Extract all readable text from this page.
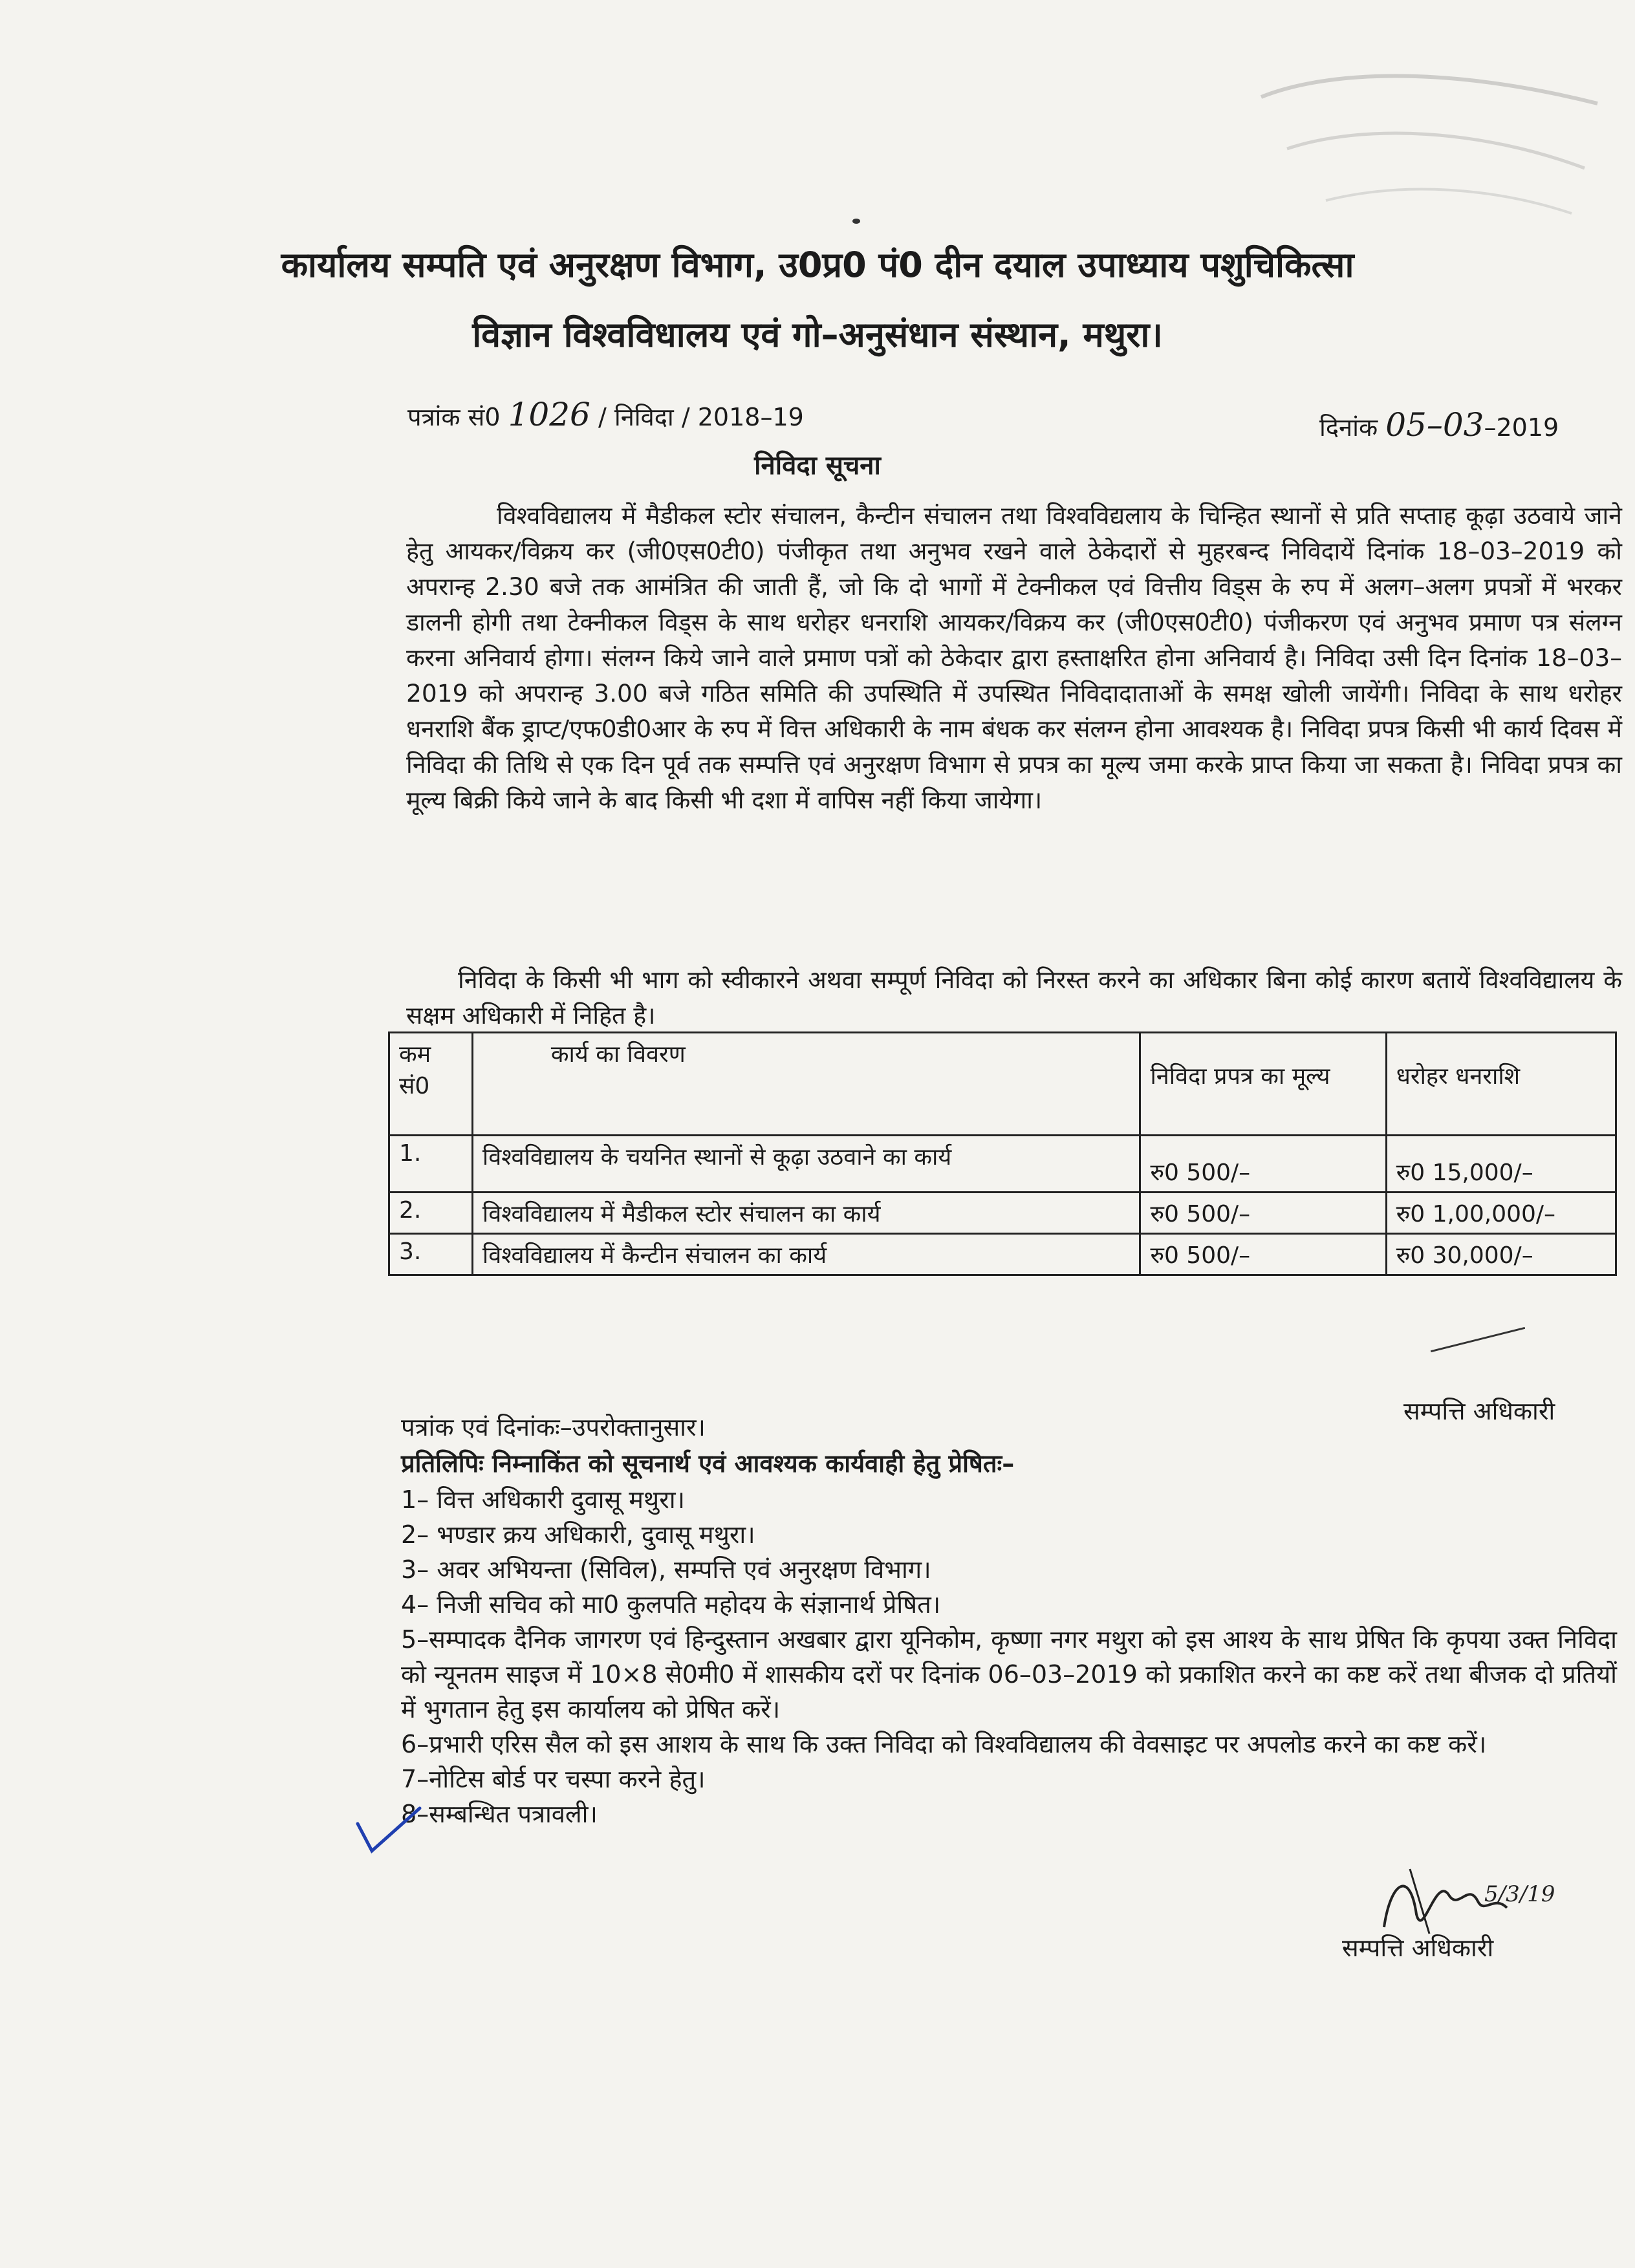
कार्यालय सम्पति एवं अनुरक्षण विभाग, उ0प्र0 पं0 दीन दयाल उपाध्याय पशुचिकित्सा
विज्ञान विश्वविधालय एवं गो–अनुसंधान संस्थान, मथुरा।
पत्रांक सं0 1026 / निविदा / 2018–19	दिनांक 05–03–2019
निविदा सूचना
विश्वविद्यालय में मैडीकल स्टोर संचालन, कैन्टीन संचालन तथा विश्वविद्यलाय के चिन्हित स्थानों से प्रति सप्ताह कूढ़ा उठवाये जाने हेतु आयकर/विक्रय कर (जी0एस0टी0) पंजीकृत तथा अनुभव रखने वाले ठेकेदारों से मुहरबन्द निविदायें दिनांक 18–03–2019 को अपरान्ह 2.30 बजे तक आमंत्रित की जाती हैं, जो कि दो भागों में टेक्नीकल एवं वित्तीय विड्स के रुप में अलग–अलग प्रपत्रों में भरकर डालनी होगी तथा टेक्नीकल विड्स के साथ धरोहर धनराशि आयकर/विक्रय कर (जी0एस0टी0) पंजीकरण एवं अनुभव प्रमाण पत्र संलग्न करना अनिवार्य होगा। संलग्न किये जाने वाले प्रमाण पत्रों को ठेकेदार द्वारा हस्ताक्षरित होना अनिवार्य है। निविदा उसी दिन दिनांक 18–03–2019 को अपरान्ह 3.00 बजे गठित समिति की उपस्थिति में उपस्थित निविदादाताओं के समक्ष खोली जायेंगी। निविदा के साथ धरोहर धनराशि बैंक ड्राप्ट/एफ0डी0आर के रुप में वित्त अधिकारी के नाम बंधक कर संलग्न होना आवश्यक है। निविदा प्रपत्र किसी भी कार्य दिवस में निविदा की तिथि से एक दिन पूर्व तक सम्पत्ति एवं अनुरक्षण विभाग से प्रपत्र का मूल्य जमा करके प्राप्त किया जा सकता है। निविदा प्रपत्र का मूल्य बिक्री किये जाने के बाद किसी भी दशा में वापिस नहीं किया जायेगा।
निविदा के किसी भी भाग को स्वीकारने अथवा सम्पूर्ण निविदा को निरस्त करने का अधिकार बिना कोई कारण बतायें विश्वविद्यालय के सक्षम अधिकारी में निहित है।
कम सं0	कार्य का विवरण	निविदा प्रपत्र का मूल्य	धरोहर धनराशि
1.	विश्वविद्यालय के चयनित स्थानों से कूढ़ा उठवाने का कार्य	रु0 500/–	रु0 15,000/–
2.	विश्वविद्यालय में मैडीकल स्टोर संचालन का कार्य	रु0 500/–	रु0 1,00,000/–
3.	विश्वविद्यालय में कैन्टीन संचालन का कार्य	रु0 500/–	रु0 30,000/–
सम्पत्ति अधिकारी
पत्रांक एवं दिनांकः–उपरोक्तानुसार।
प्रतिलिपिः निम्नाकिंत को सूचनार्थ एवं आवश्यक कार्यवाही हेतु प्रेषितः–
1– वित्त अधिकारी दुवासू मथुरा।
2– भण्डार क्रय अधिकारी, दुवासू मथुरा।
3– अवर अभियन्ता (सिविल), सम्पत्ति एवं अनुरक्षण विभाग।
4– निजी सचिव को मा0 कुलपति महोदय के संज्ञानार्थ प्रेषित।
5–सम्पादक दैनिक जागरण एवं हिन्दुस्तान अखबार द्वारा यूनिकोम, कृष्णा नगर मथुरा को इस आश्य के साथ प्रेषित कि कृपया उक्त निविदा को न्यूनतम साइज में 10×8 से0मी0 में शासकीय दरों पर दिनांक 06–03–2019 को प्रकाशित करने का कष्ट करें तथा बीजक दो प्रतियों में भुगतान हेतु इस कार्यालय को प्रेषित करें।
6–प्रभारी एरिस सैल को इस आशय के साथ कि उक्त निविदा को विश्वविद्यालय की वेवसाइट पर अपलोड करने का कष्ट करें।
7–नोटिस बोर्ड पर चस्पा करने हेतु।
8–सम्बन्धित पत्रावली।
5/3/19
सम्पत्ति अधिकारी
